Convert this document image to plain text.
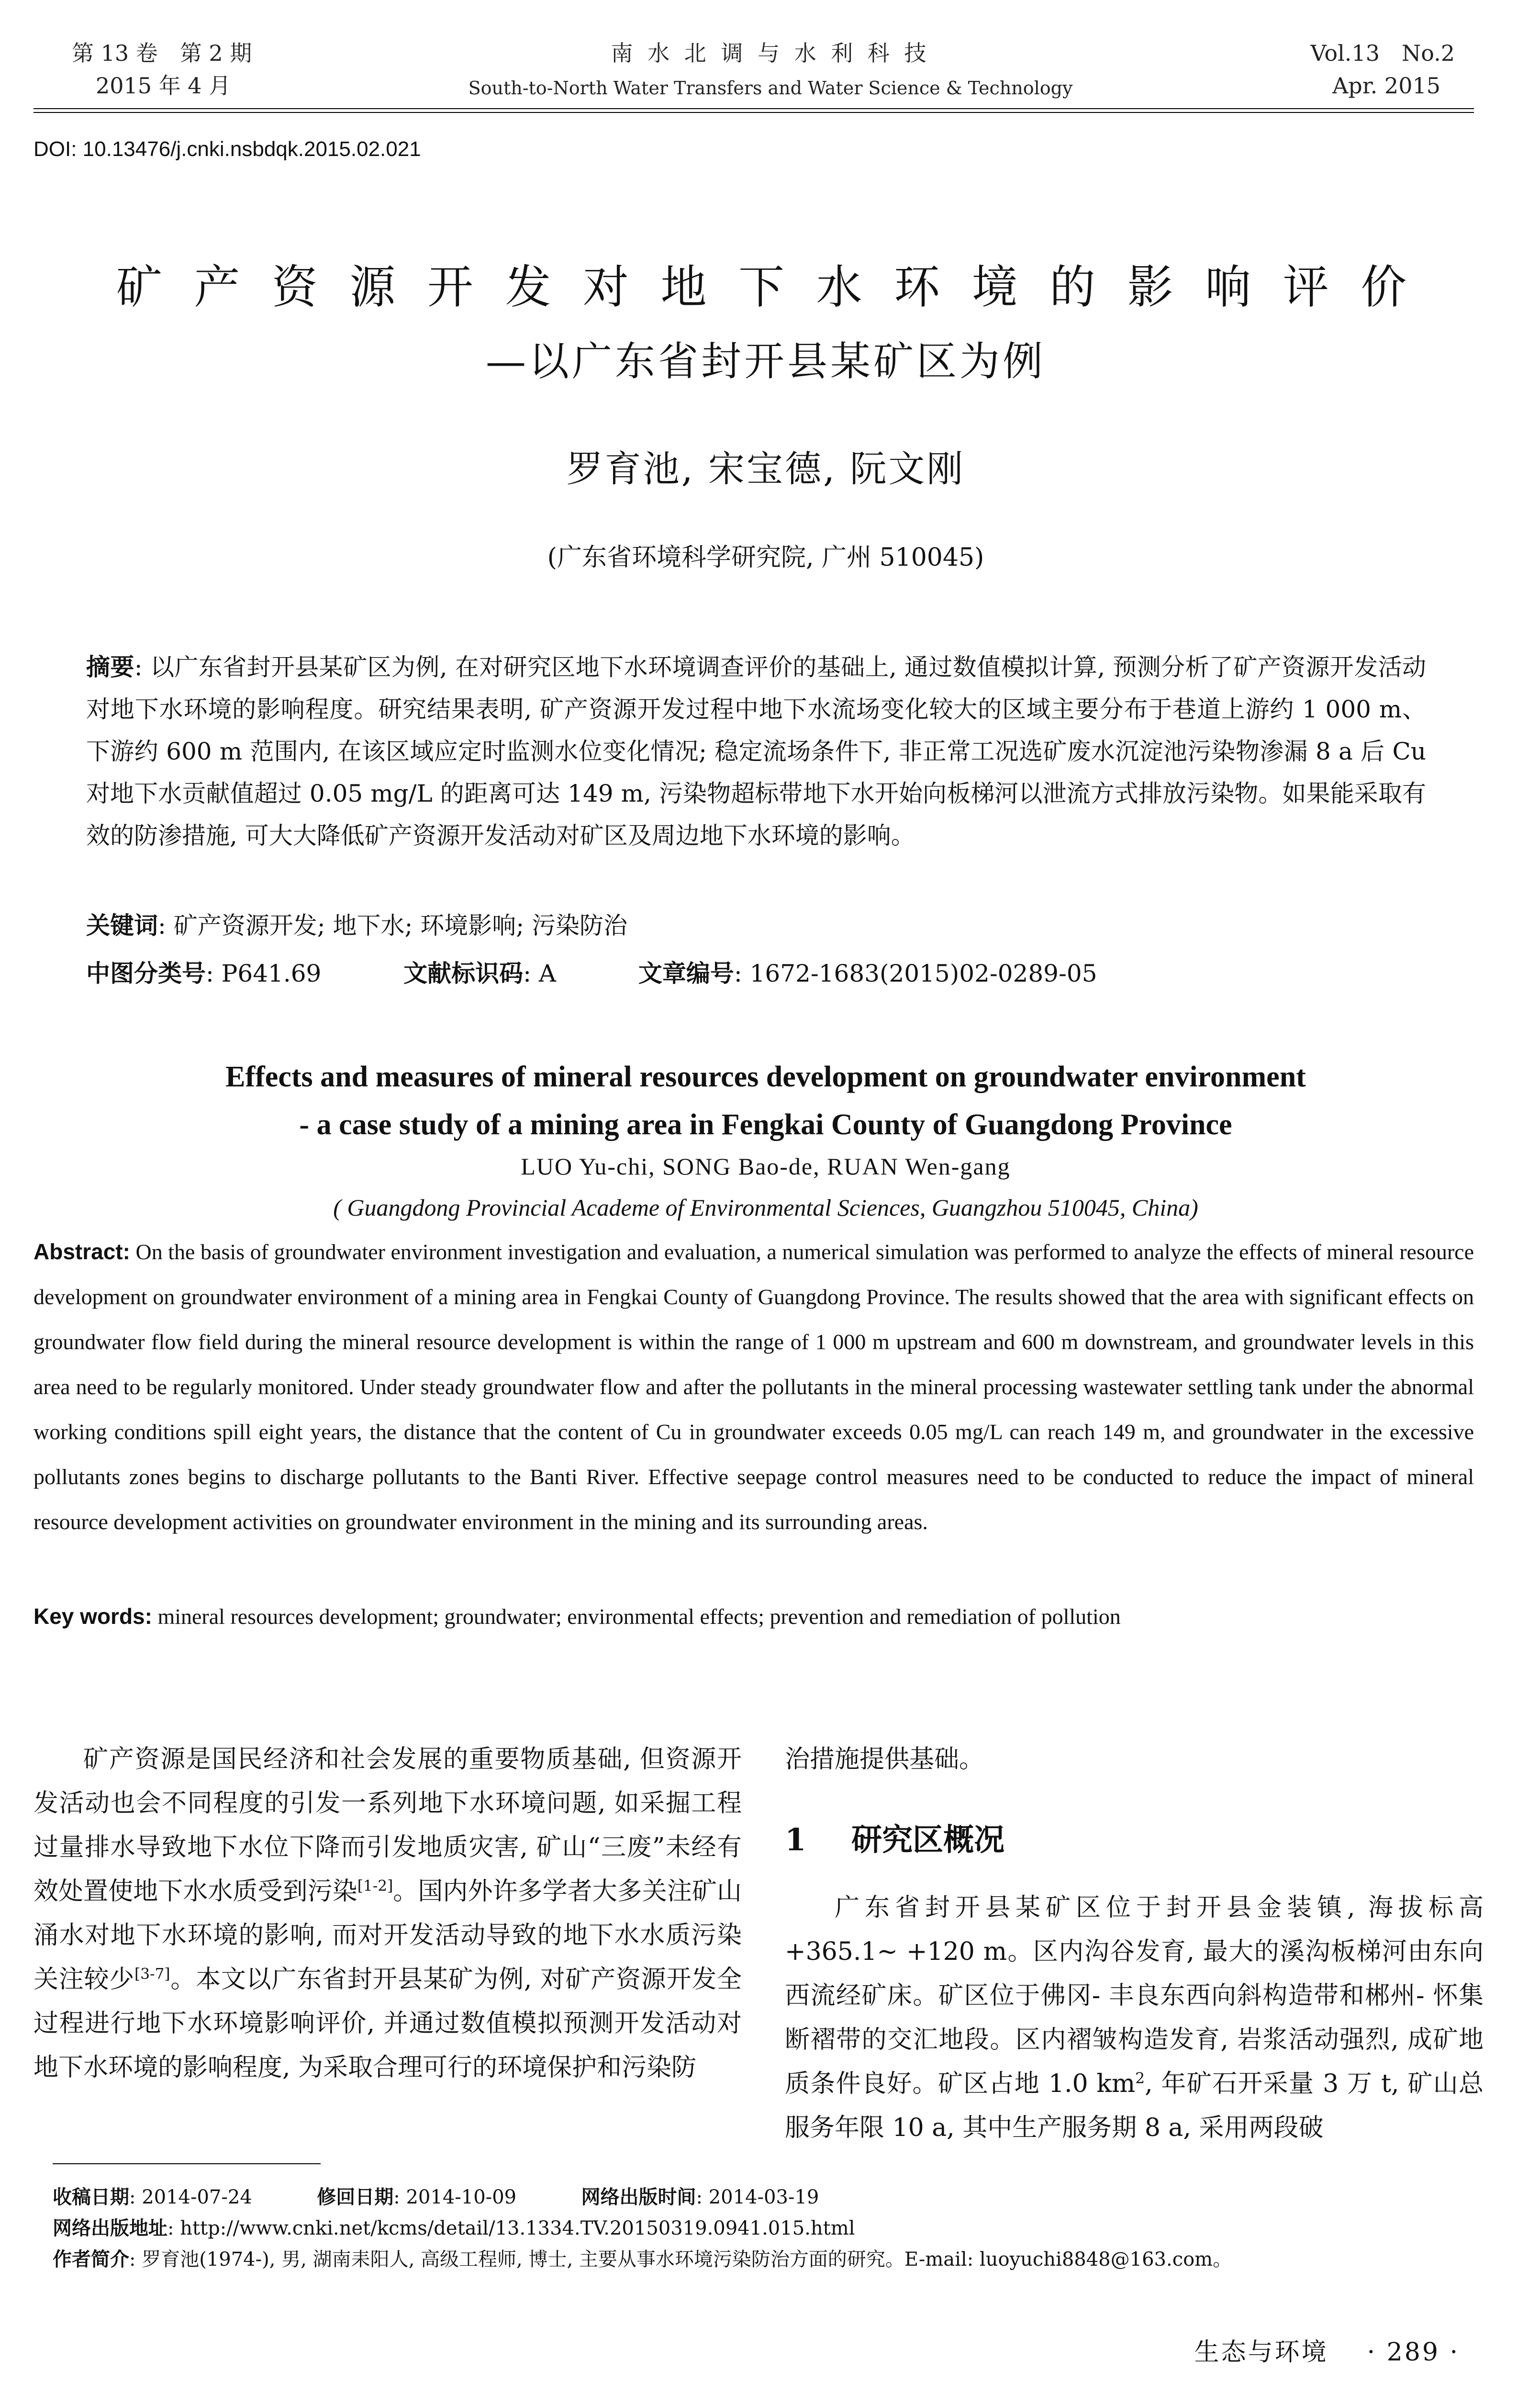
第 13 卷　第 2 期
2015 年 4 月
南 水 北 调 与 水 利 科 技
South-to-North Water Transfers and Water Science & Technology
Vol.13　No.2
Apr. 2015
DOI: 10.13476/j.cnki.nsbdqk.2015.02.021
矿 产 资 源 开 发 对 地 下 水 环 境 的 影 响 评 价
—以广东省封开县某矿区为例
罗育池, 宋宝德, 阮文刚
(广东省环境科学研究院, 广州 510045)
摘要: 以广东省封开县某矿区为例, 在对研究区地下水环境调查评价的基础上, 通过数值模拟计算, 预测分析了矿产资源开发活动对地下水环境的影响程度。研究结果表明, 矿产资源开发过程中地下水流场变化较大的区域主要分布于巷道上游约 1 000 m、下游约 600 m 范围内, 在该区域应定时监测水位变化情况; 稳定流场条件下, 非正常工况选矿废水沉淀池污染物渗漏 8 a 后 Cu 对地下水贡献值超过 0.05 mg/L 的距离可达 149 m, 污染物超标带地下水开始向板梯河以泄流方式排放污染物。如果能采取有效的防渗措施, 可大大降低矿产资源开发活动对矿区及周边地下水环境的影响。
关键词: 矿产资源开发; 地下水; 环境影响; 污染防治
中图分类号: P641.69	文献标识码: A	文章编号: 1672-1683(2015)02-0289-05
Effects and measures of mineral resources development on groundwater environment
- a case study of a mining area in Fengkai County of Guangdong Province
LUO Yu-chi, SONG Bao-de, RUAN Wen-gang
( Guangdong Provincial Academe of Environmental Sciences, Guangzhou 510045, China)
Abstract: On the basis of groundwater environment investigation and evaluation, a numerical simulation was performed to analyze the effects of mineral resource development on groundwater environment of a mining area in Fengkai County of Guangdong Province. The results showed that the area with significant effects on groundwater flow field during the mineral resource development is within the range of 1 000 m upstream and 600 m downstream, and groundwater levels in this area need to be regularly monitored. Under steady groundwater flow and after the pollutants in the mineral processing wastewater settling tank under the abnormal working conditions spill eight years, the distance that the content of Cu in groundwater exceeds 0.05 mg/L can reach 149 m, and groundwater in the excessive pollutants zones begins to discharge pollutants to the Banti River. Effective seepage control measures need to be conducted to reduce the impact of mineral resource development activities on groundwater environment in the mining and its surrounding areas.
Key words: mineral resources development; groundwater; environmental effects; prevention and remediation of pollution
矿产资源是国民经济和社会发展的重要物质基础, 但资源开发活动也会不同程度的引发一系列地下水环境问题, 如采掘工程过量排水导致地下水位下降而引发地质灾害, 矿山“三废”未经有效处置使地下水水质受到污染[1-2]。国内外许多学者大多关注矿山涌水对地下水环境的影响, 而对开发活动导致的地下水水质污染关注较少[3-7]。本文以广东省封开县某矿为例, 对矿产资源开发全过程进行地下水环境影响评价, 并通过数值模拟预测开发活动对地下水环境的影响程度, 为采取合理可行的环境保护和污染防
治措施提供基础。
1 研究区概况
广东省封开县某矿区位于封开县金装镇, 海拔标高+365.1~ +120 m。区内沟谷发育, 最大的溪沟板梯河由东向西流经矿床。矿区位于佛冈- 丰良东西向斜构造带和郴州- 怀集断褶带的交汇地段。区内褶皱构造发育, 岩浆活动强烈, 成矿地质条件良好。矿区占地 1.0 $km^2$, 年矿石开采量 3 万 t, 矿山总服务年限 10 a, 其中生产服务期 8 a, 采用两段破
收稿日期: 2014-07-24	修回日期: 2014-10-09	网络出版时间: 2014-03-19
网络出版地址: http://www.cnki.net/kcms/detail/13.1334.TV.20150319.0941.015.html
作者简介: 罗育池(1974-), 男, 湖南耒阳人, 高级工程师, 博士, 主要从事水环境污染防治方面的研究。E-mail: luoyuchi8848@163.com。
生态与环境 · 289 ·
